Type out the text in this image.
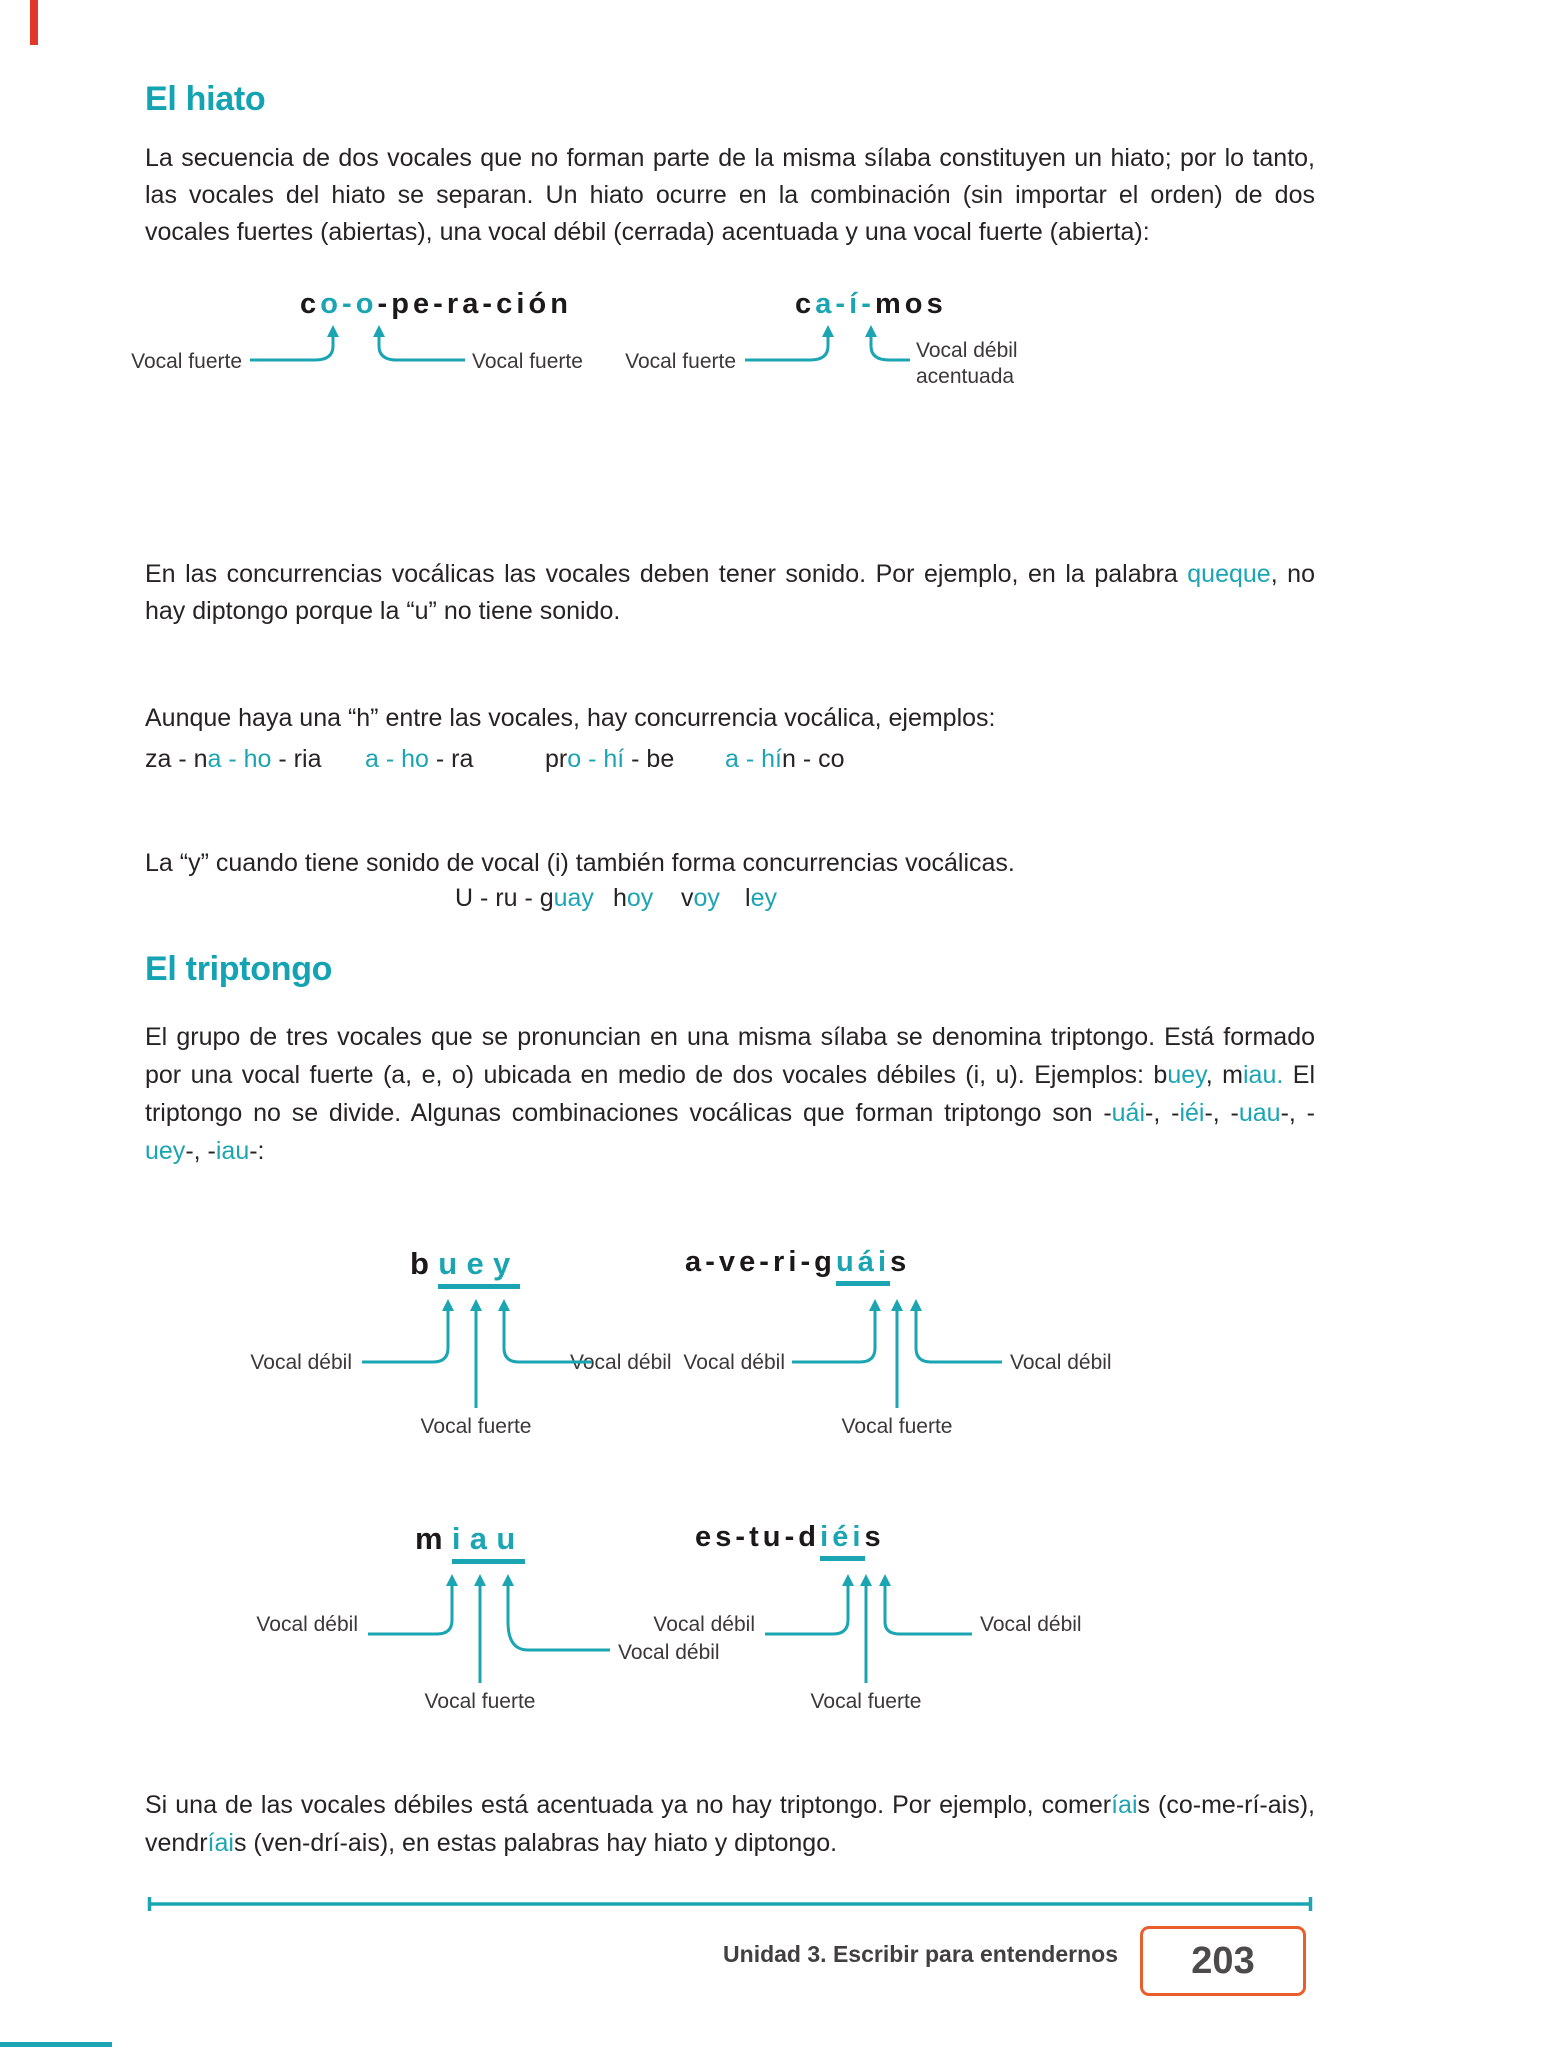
El hiato
El triptongo

La secuencia de dos vocales que no forman parte de la misma sílaba constituyen un hiato; por lo tanto, las vocales del hiato se separan. Un hiato ocurre en la combinación (sin importar el orden) de dos vocales fuertes (abiertas), una vocal débil (cerrada) acentuada y una vocal fuerte (abierta):

co-o-pe-ra-ción	ca-í-mos
Vocal fuerte	Vocal fuerte	Vocal fuerte	Vocal débil
acentuada

En las concurrencias vocálicas las vocales deben tener sonido. Por ejemplo, en la palabra queque, no hay diptongo porque la “u” no tiene sonido.

Aunque haya una “h” entre las vocales, hay concurrencia vocálica, ejemplos:

za - na - ho - ria a - ho - ra	pro - hí - be a - hín - co

La “y” cuando tiene sonido de vocal (i) también forma concurrencias vocálicas.

U - ru - guay hoy voy ley

El grupo de tres vocales que se pronuncian en una misma sílaba se denomina triptongo. Está formado por una vocal fuerte (a, e, o) ubicada en medio de dos vocales débiles (i, u). Ejemplos: buey, miau. El triptongo no se divide. Algunas combinaciones vocálicas que forman triptongo son -uái-, -iéi-, -uau-, -uey-, -iau-:

buey	a-ve-ri-guáis
Vocal débil	Vocal débil
Vocal fuerte
Vocal débil	Vocal débil
Vocal fuerte
miau	es-tu-diéis
Vocal débil
Vocal débil
Vocal fuerte
Vocal débil	Vocal débil
Vocal fuerte

Si una de las vocales débiles está acentuada ya no hay triptongo. Por ejemplo, comeríais (co-me-rí-ais), vendríais (ven-drí-ais), en estas palabras hay hiato y diptongo.

Unidad 3. Escribir para entendernos 203
